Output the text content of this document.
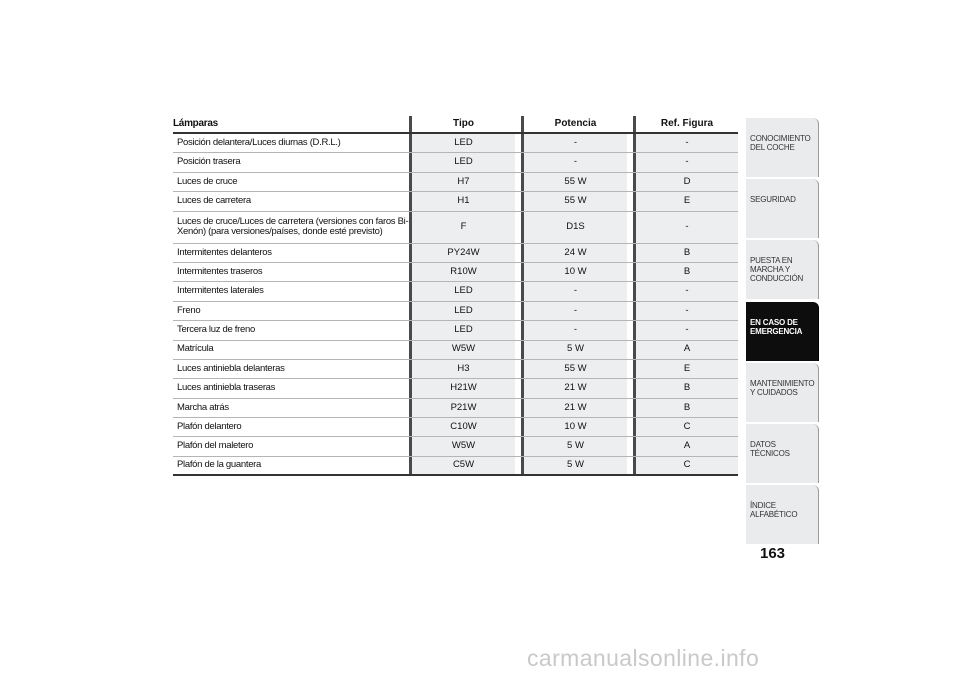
Lámparas	Tipo	Potencia	Ref. Figura
Posición delantera/Luces diurnas (D.R.L.)	LED	-	-
Posición trasera	LED	-	-
Luces de cruce	H7	55 W	D
Luces de carretera	H1	55 W	E
Luces de cruce/Luces de carretera (versiones con faros Bi-Xenón) (para versiones/países, donde esté previsto)	F	D1S	-
Intermitentes delanteros	PY24W	24 W	B
Intermitentes traseros	R10W	10 W	B
Intermitentes laterales	LED	-	-
Freno	LED	-	-
Tercera luz de freno	LED	-	-
Matrícula	W5W	5 W	A
Luces antiniebla delanteras	H3	55 W	E
Luces antiniebla traseras	H21W	21 W	B
Marcha atrás	P21W	21 W	B
Plafón delantero	C10W	10 W	C
Plafón del maletero	W5W	5 W	A
Plafón de la guantera	C5W	5 W	C
CONOCIMIENTO DEL COCHE
SEGURIDAD
PUESTA EN MARCHA Y CONDUCCIÓN
EN CASO DE EMERGENCIA
MANTENIMIENTO Y CUIDADOS
DATOS TÉCNICOS
ÍNDICE ALFABÉTICO
163
carmanualsonline.info
